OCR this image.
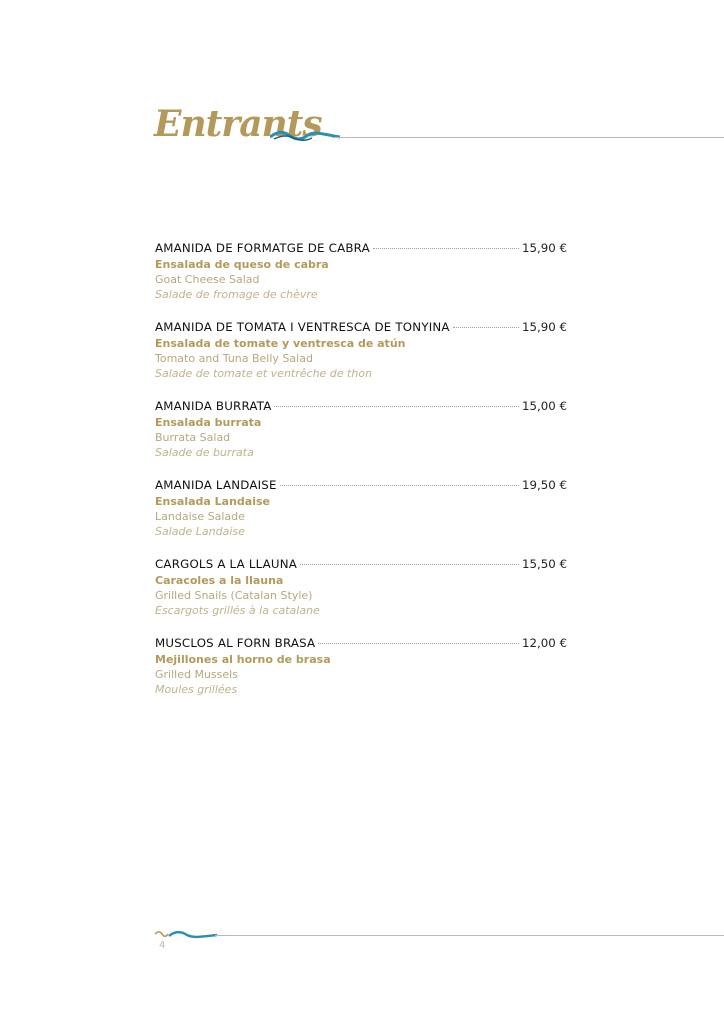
Entrants
AMANIDA DE FORMATGE DE CABRA	15,90 €
Ensalada de queso de cabra
Goat Cheese Salad
Salade de fromage de chèvre
AMANIDA DE TOMATA I VENTRESCA DE TONYINA	15,90 €
Ensalada de tomate y ventresca de atún
Tomato and Tuna Belly Salad
Salade de tomate et ventrêche de thon
AMANIDA BURRATA	15,00 €
Ensalada burrata
Burrata Salad
Salade de burrata
AMANIDA LANDAISE	19,50 €
Ensalada Landaise
Landaise Salade
Salade Landaise
CARGOLS A LA LLAUNA	15,50 €
Caracoles a la llauna
Grilled Snails (Catalan Style)
Escargots grillés à la catalane
MUSCLOS AL FORN BRASA	12,00 €
Mejillones al horno de brasa
Grilled Mussels
Moules grillées
4
